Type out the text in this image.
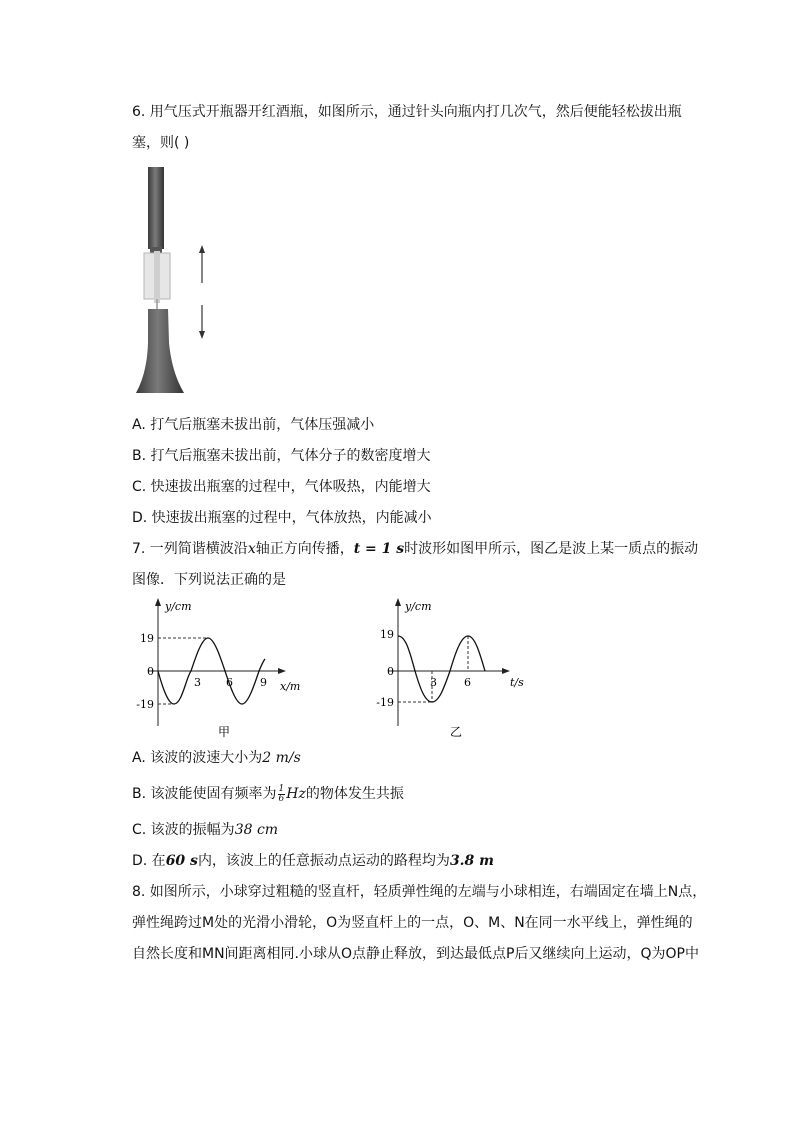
6. 用气压式开瓶器开红酒瓶，如图所示，通过针头向瓶内打几次气，然后便能轻松拔出瓶
塞，则( )
A. 打气后瓶塞未拔出前，气体压强减小
B. 打气后瓶塞未拔出前，气体分子的数密度增大
C. 快速拔出瓶塞的过程中，气体吸热，内能增大
D. 快速拔出瓶塞的过程中，气体放热，内能减小
7. 一列简谐横波沿x轴正方向传播，t = 1 s时波形如图甲所示，图乙是波上某一质点的振动
图像．下列说法正确的是
y/cm
x/m
19
0
-19
3 6 9
甲
y/cm
t/s
19
0
-19
3 6
乙
A. 该波的波速大小为2 m/s
B. 该波能使固有频率为 $\frac{1}{6}$ Hz的物体发生共振
C. 该波的振幅为38 cm
D. 在60 s内，该波上的任意振动点运动的路程均为3.8 m
8. 如图所示，小球穿过粗糙的竖直杆，轻质弹性绳的左端与小球相连，右端固定在墙上N点，
弹性绳跨过M处的光滑小滑轮，O为竖直杆上的一点，O、M、N在同一水平线上，弹性绳的
自然长度和MN间距离相同.小球从O点静止释放，到达最低点P后又继续向上运动，Q为OP中
